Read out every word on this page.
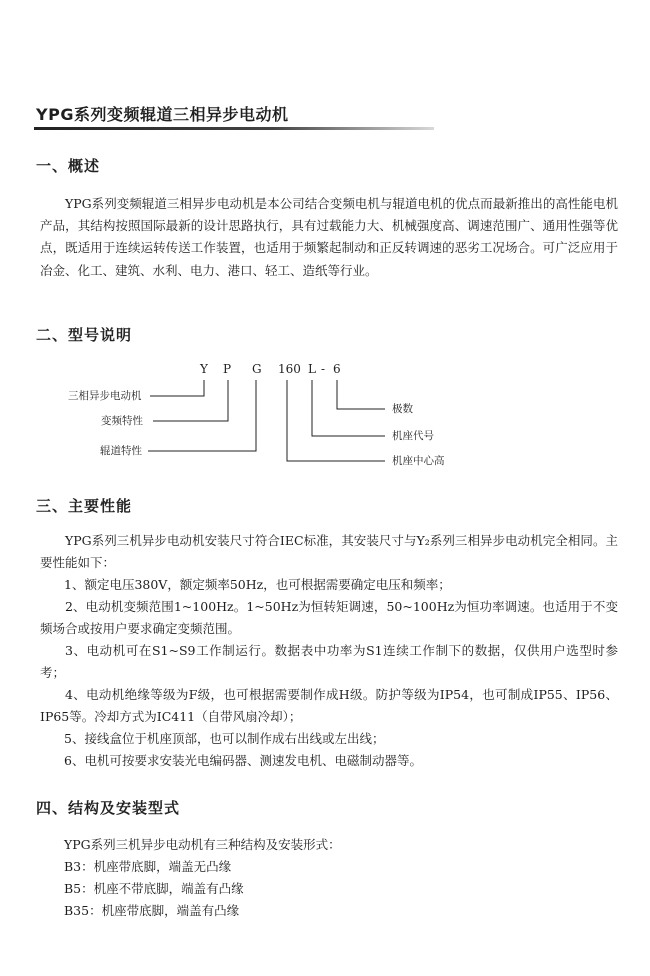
YPG系列变频辊道三相异步电动机
一、概述

YPG系列变频辊道三相异步电动机是本公司结合变频电机与辊道电机的优点而最新推出的高性能电机产品，其结构按照国际最新的设计思路执行，具有过载能力大、机械强度高、调速范围广、通用性强等优点，既适用于连续运转传送工作装置，也适用于频繁起制动和正反转调速的恶劣工况场合。可广泛应用于冶金、化工、建筑、水利、电力、港口、轻工、造纸等行业。

二、型号说明
Y P G 160 L - 6
三相异步电动机
变频特性
辊道特性
极数
机座代号
机座中心高
三、主要性能

YPG系列三机异步电动机安装尺寸符合IEC标准，其安装尺寸与Y₂系列三相异步电动机完全相同。主要性能如下：

1、额定电压380V，额定频率50Hz，也可根据需要确定电压和频率；

2、电动机变频范围1~100Hz。1~50Hz为恒转矩调速，50~100Hz为恒功率调速。也适用于不变频场合或按用户要求确定变频范围。

3、电动机可在S1~S9工作制运行。数据表中功率为S1连续工作制下的数据，仅供用户选型时参考；

4、电动机绝缘等级为F级，也可根据需要制作成H级。防护等级为IP54，也可制成IP55、IP56、IP65等。冷却方式为IC411（自带风扇冷却）；

5、接线盒位于机座顶部，也可以制作成右出线或左出线；
6、电机可按要求安装光电编码器、测速发电机、电磁制动器等。
四、结构及安装型式
YPG系列三机异步电动机有三种结构及安装形式：
B3：机座带底脚，端盖无凸缘
B5：机座不带底脚，端盖有凸缘
B35：机座带底脚，端盖有凸缘
